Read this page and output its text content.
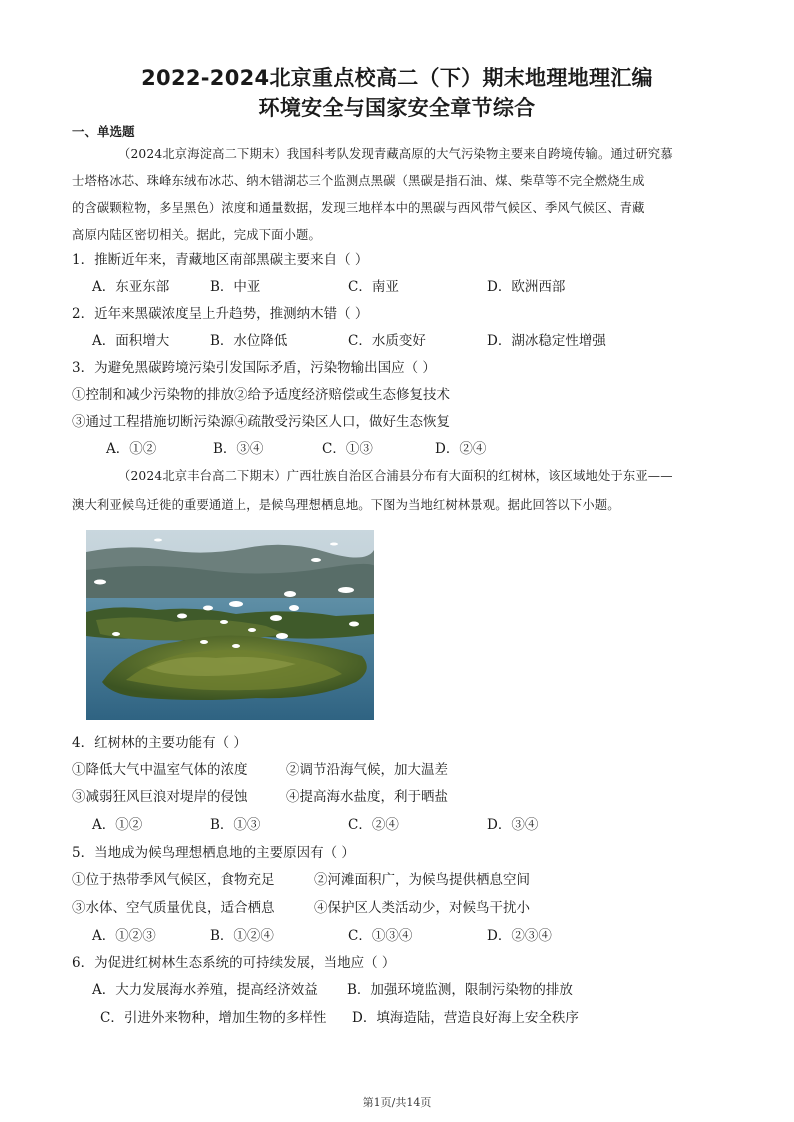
2022-2024北京重点校高二（下）期末地理地理汇编
环境安全与国家安全章节综合
一、单选题
（2024北京海淀高二下期末）我国科考队发现青藏高原的大气污染物主要来自跨境传输。通过研究慕
士塔格冰芯、珠峰东绒布冰芯、纳木错湖芯三个监测点黑碳（黑碳是指石油、煤、柴草等不完全燃烧生成
的含碳颗粒物，多呈黑色）浓度和通量数据，发现三地样本中的黑碳与西风带气候区、季风气候区、青藏
高原内陆区密切相关。据此，完成下面小题。
1．推断近年来，青藏地区南部黑碳主要来自（ ）
A．东亚东部	B．中亚	C．南亚	D．欧洲西部
2．近年来黑碳浓度呈上升趋势，推测纳木错（ ）
A．面积增大	B．水位降低	C．水质变好	D．湖冰稳定性增强
3．为避免黑碳跨境污染引发国际矛盾，污染物输出国应（ ）
①控制和减少污染物的排放②给予适度经济赔偿或生态修复技术
③通过工程措施切断污染源④疏散受污染区人口，做好生态恢复
A．①②	B．③④	C．①③	D．②④
（2024北京丰台高二下期末）广西壮族自治区合浦县分布有大面积的红树林，该区域地处于东亚——
澳大利亚候鸟迁徙的重要通道上，是候鸟理想栖息地。下图为当地红树林景观。据此回答以下小题。
4．红树林的主要功能有（ ）
①降低大气中温室气体的浓度	②调节沿海气候，加大温差
③减弱狂风巨浪对堤岸的侵蚀	④提高海水盐度，利于晒盐
A．①②	B．①③	C．②④	D．③④
5．当地成为候鸟理想栖息地的主要原因有（ ）
①位于热带季风气候区，食物充足	②河滩面积广，为候鸟提供栖息空间
③水体、空气质量优良，适合栖息	④保护区人类活动少，对候鸟干扰小
A．①②③	B．①②④	C．①③④	D．②③④
6．为促进红树林生态系统的可持续发展，当地应（ ）
A．大力发展海水养殖，提高经济效益 B．加强环境监测，限制污染物的排放
C．引进外来物种，增加生物的多样性 D．填海造陆，营造良好海上安全秩序
第1页/共14页
